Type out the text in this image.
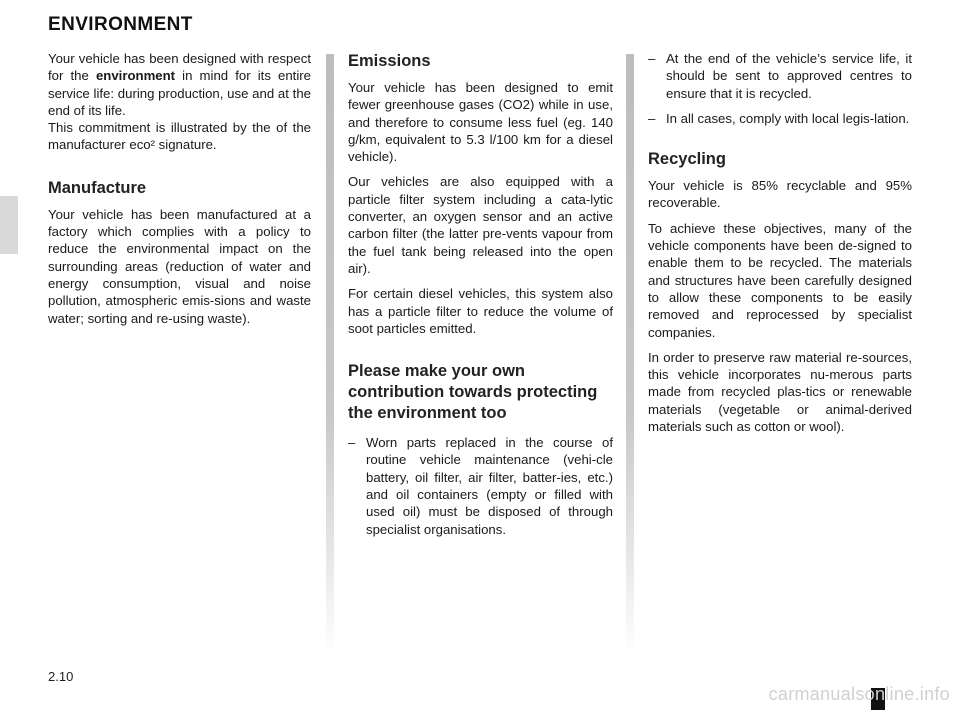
ENVIRONMENT

Your vehicle has been designed with respect for the environment in mind for its entire service life: during production, use and at the end of its life.

This commitment is illustrated by the of the manufacturer eco² signature.

Manufacture

Your vehicle has been manufactured at a factory which complies with a policy to reduce the environmental impact on the surrounding areas (reduction of water and energy consumption, visual and noise pollution, atmospheric emis-sions and waste water; sorting and re-using waste).

Emissions

Your vehicle has been designed to emit fewer greenhouse gases (CO2) while in use, and therefore to consume less fuel (eg. 140 g/km, equivalent to 5.3 l/100 km for a diesel vehicle).

Our vehicles are also equipped with a particle filter system including a cata-lytic converter, an oxygen sensor and an active carbon filter (the latter pre-vents vapour from the fuel tank being released into the open air).

For certain diesel vehicles, this system also has a particle filter to reduce the volume of soot particles emitted.

Please make your own contribution towards protecting the environment too
– Worn parts replaced in the course of routine vehicle maintenance (vehi-cle battery, oil filter, air filter, batter-ies, etc.) and oil containers (empty or filled with used oil) must be disposed of through specialist organisations.
– At the end of the vehicle’s service life, it should be sent to approved centres to ensure that it is recycled.
– In all cases, comply with local legis-lation.
Recycling

Your vehicle is 85% recyclable and 95% recoverable.

To achieve these objectives, many of the vehicle components have been de-signed to enable them to be recycled. The materials and structures have been carefully designed to allow these components to be easily removed and reprocessed by specialist companies.

In order to preserve raw material re-sources, this vehicle incorporates nu-merous parts made from recycled plas-tics or renewable materials (vegetable or animal-derived materials such as cotton or wool).

2.10
carmanualsonline.info
